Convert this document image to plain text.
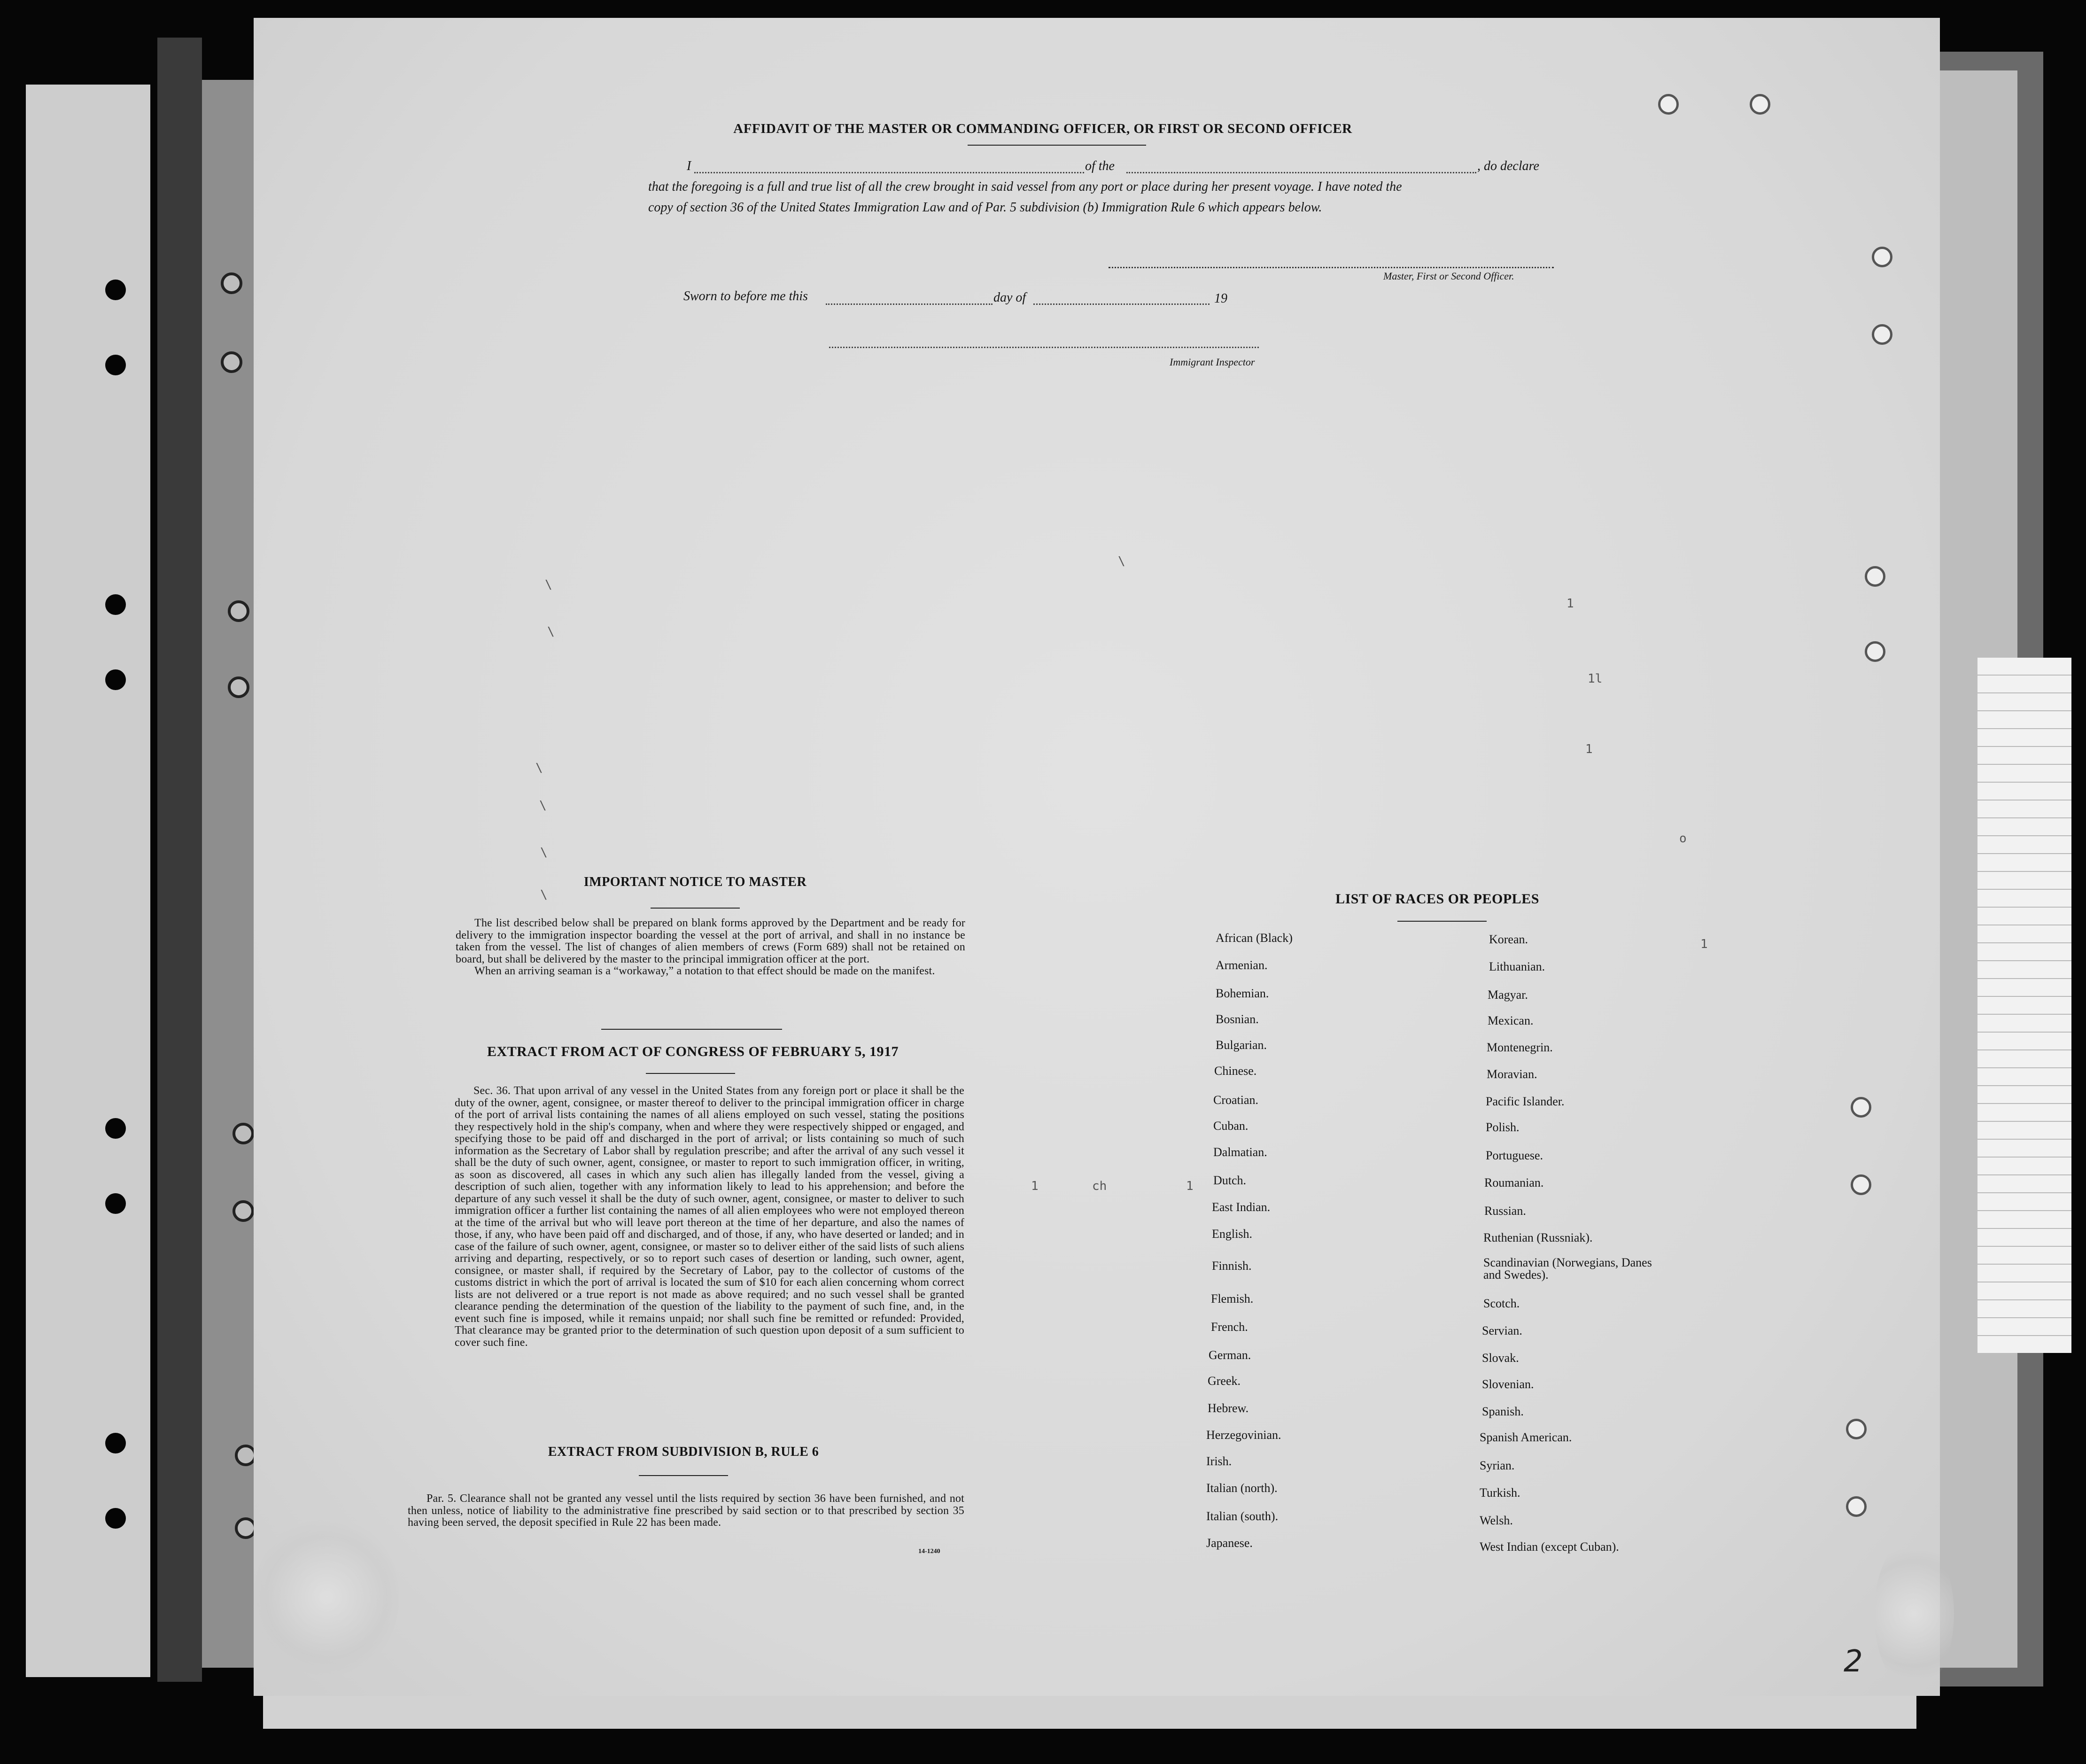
AFFIDAVIT OF THE MASTER OR COMMANDING OFFICER, OR FIRST OR SECOND OFFICER
I	of the	, do declare
that the foregoing is a full and true list of all the crew brought in said vessel from any port or place during her present voyage. I have noted the
copy of section 36 of the United States Immigration Law and of Par. 5 subdivision (b) Immigration Rule 6 which appears below.
Master, First or Second Officer.
Sworn to before me this	day of	19
Immigrant Inspector
IMPORTANT NOTICE TO MASTER

The list described below shall be prepared on blank forms approved by the Department and be ready for delivery to the immigration inspector boarding the vessel at the port of arrival, and shall in no instance be taken from the vessel. The list of changes of alien members of crews (Form 689) shall not be retained on board, but shall be delivered by the master to the principal immigration officer at the port.

When an arriving seaman is a “workaway,” a notation to that effect should be made on the manifest.

EXTRACT FROM ACT OF CONGRESS OF FEBRUARY 5, 1917

Sec. 36. That upon arrival of any vessel in the United States from any foreign port or place it shall be the duty of the owner, agent, consignee, or master thereof to deliver to the principal immigration officer in charge of the port of arrival lists containing the names of all aliens employed on such vessel, stating the positions they respectively hold in the ship's company, when and where they were respectively shipped or engaged, and specifying those to be paid off and discharged in the port of arrival; or lists containing so much of such information as the Secretary of Labor shall by regulation prescribe; and after the arrival of any such vessel it shall be the duty of such owner, agent, consignee, or master to report to such immigration officer, in writing, as soon as discovered, all cases in which any such alien has illegally landed from the vessel, giving a description of such alien, together with any information likely to lead to his apprehension; and before the departure of any such vessel it shall be the duty of such owner, agent, consignee, or master to deliver to such immigration officer a further list containing the names of all alien employees who were not employed thereon at the time of the arrival but who will leave port thereon at the time of her departure, and also the names of those, if any, who have been paid off and discharged, and of those, if any, who have deserted or landed; and in case of the failure of such owner, agent, consignee, or master so to deliver either of the said lists of such aliens arriving and departing, respectively, or so to report such cases of desertion or landing, such owner, agent, consignee, or master shall, if required by the Secretary of Labor, pay to the collector of customs of the customs district in which the port of arrival is located the sum of $10 for each alien concerning whom correct lists are not delivered or a true report is not made as above required; and no such vessel shall be granted clearance pending the determination of the question of the liability to the payment of such fine, and, in the event such fine is imposed, while it remains unpaid; nor shall such fine be remitted or refunded: Provided, That clearance may be granted prior to the determination of such question upon deposit of a sum sufficient to cover such fine.

EXTRACT FROM SUBDIVISION B, RULE 6

Par. 5. Clearance shall not be granted any vessel until the lists required by section 36 have been furnished, and not then unless, notice of liability to the administrative fine prescribed by said section or to that prescribed by section 35 having been served, the deposit specified in Rule 22 has been made.

14-1240
LIST OF RACES OR PEOPLES
African (Black)
Armenian.
Bohemian.
Bosnian.
Bulgarian.
Chinese.
Croatian.
Cuban.
Dalmatian.
Dutch.
East Indian.
English.
Finnish.
Flemish.
French.
German.
Greek.
Hebrew.
Herzegovinian.
Irish.
Italian (north).
Italian (south).
Japanese.
Korean.
Lithuanian.
Magyar.
Mexican.
Montenegrin.
Moravian.
Pacific Islander.
Polish.
Portuguese.
Roumanian.
Russian.
Ruthenian (Russniak).
Scandinavian (Norwegians, Danes and Swedes).
Scotch.
Servian.
Slovak.
Slovenian.
Spanish.
Spanish American.
Syrian.
Turkish.
Welsh.
West Indian (except Cuban).
\
\
\
\
\
\
\
1l
1
1
1
1
1	ch
o
2
